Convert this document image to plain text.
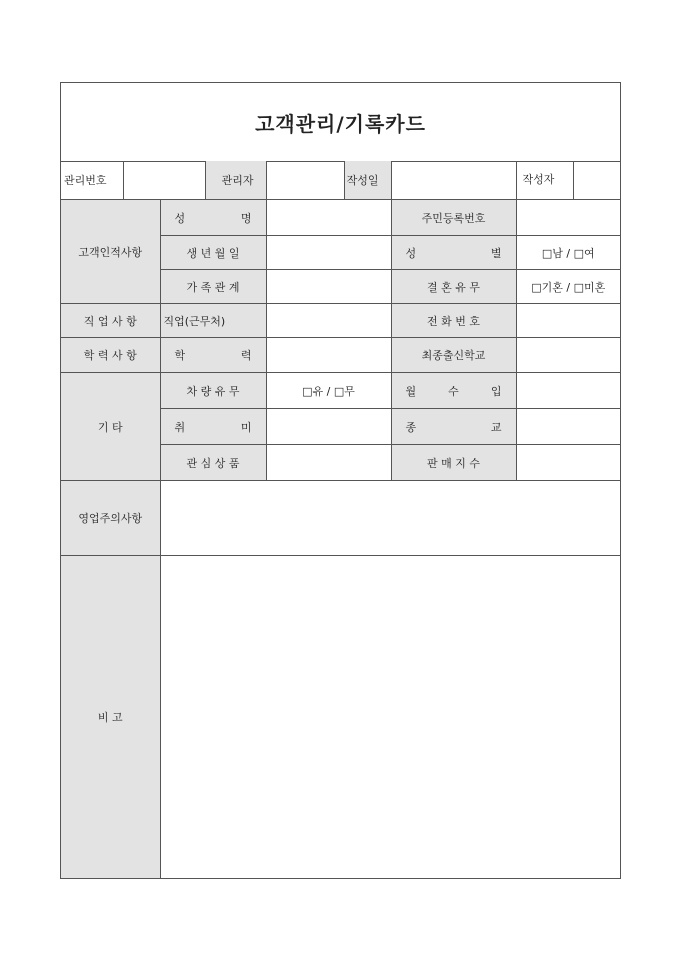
고객관리/기록카드
관리번호			관리자		작성일		작성자
고객인적사항		성 명				주민등록번호	
		생 년 월 일				성 별	□남 / □여
		가 족 관 계				결 혼 유 무	□기혼 / □미혼
직 업 사 항		직업(근무처)				전 화 번 호	
학 력 사 항		학 력				최종출신학교	
기 타		차 량 유 무		□유 / □무		월 수 입	

		취 미				종 교	

		관 심 상 품				판 매 지 수	
영업주의사항							
비 고							
